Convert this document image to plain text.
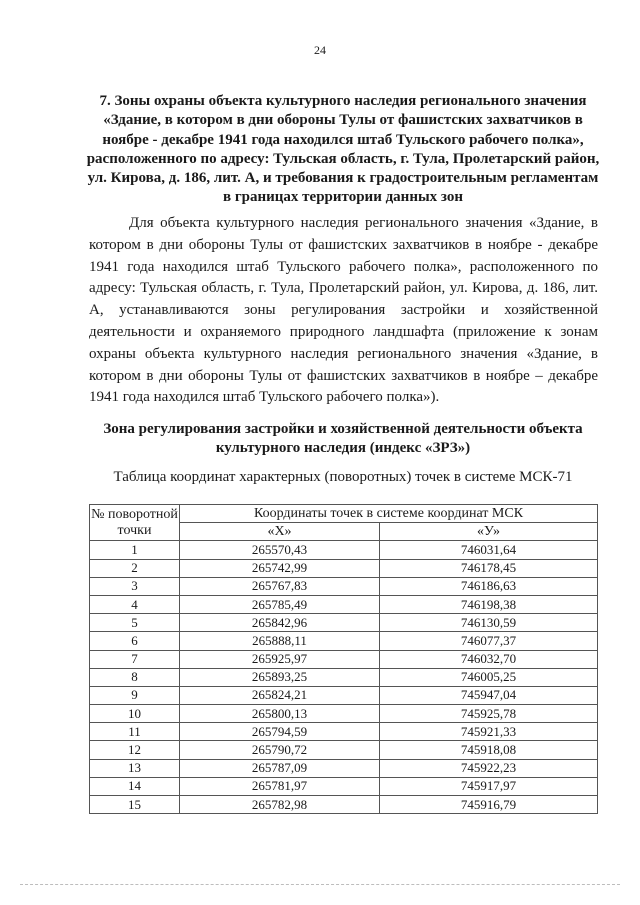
24
7. Зоны охраны объекта культурного наследия регионального значения «Здание, в котором в дни обороны Тулы от фашистских захватчиков в ноябре - декабре 1941 года находился штаб Тульского рабочего полка», расположенного по адресу: Тульская область, г. Тула, Пролетарский район, ул. Кирова, д. 186, лит. А, и требования к градостроительным регламентам в границах территории данных зон
Для объекта культурного наследия регионального значения «Здание, в котором в дни обороны Тулы от фашистских захватчиков в ноябре - декабре 1941 года находился штаб Тульского рабочего полка», расположенного по адресу: Тульская область, г. Тула, Пролетарский район, ул. Кирова, д. 186, лит. А, устанавливаются зоны регулирования застройки и хозяйственной деятельности и охраняемого природного ландшафта (приложение к зонам охраны объекта культурного наследия регионального значения «Здание, в котором в дни обороны Тулы от фашистских захватчиков в ноябре – декабре 1941 года находился штаб Тульского рабочего полка»).
Зона регулирования застройки и хозяйственной деятельности объекта культурного наследия (индекс «ЗРЗ»)
Таблица координат характерных (поворотных) точек в системе МСК-71
№ поворотной точки	Координаты точек в системе координат МСК	
	«Х»	«У»
1	265570,43	746031,64
2	265742,99	746178,45
3	265767,83	746186,63
4	265785,49	746198,38
5	265842,96	746130,59
6	265888,11	746077,37
7	265925,97	746032,70
8	265893,25	746005,25
9	265824,21	745947,04
10	265800,13	745925,78
11	265794,59	745921,33
12	265790,72	745918,08
13	265787,09	745922,23
14	265781,97	745917,97
15	265782,98	745916,79
